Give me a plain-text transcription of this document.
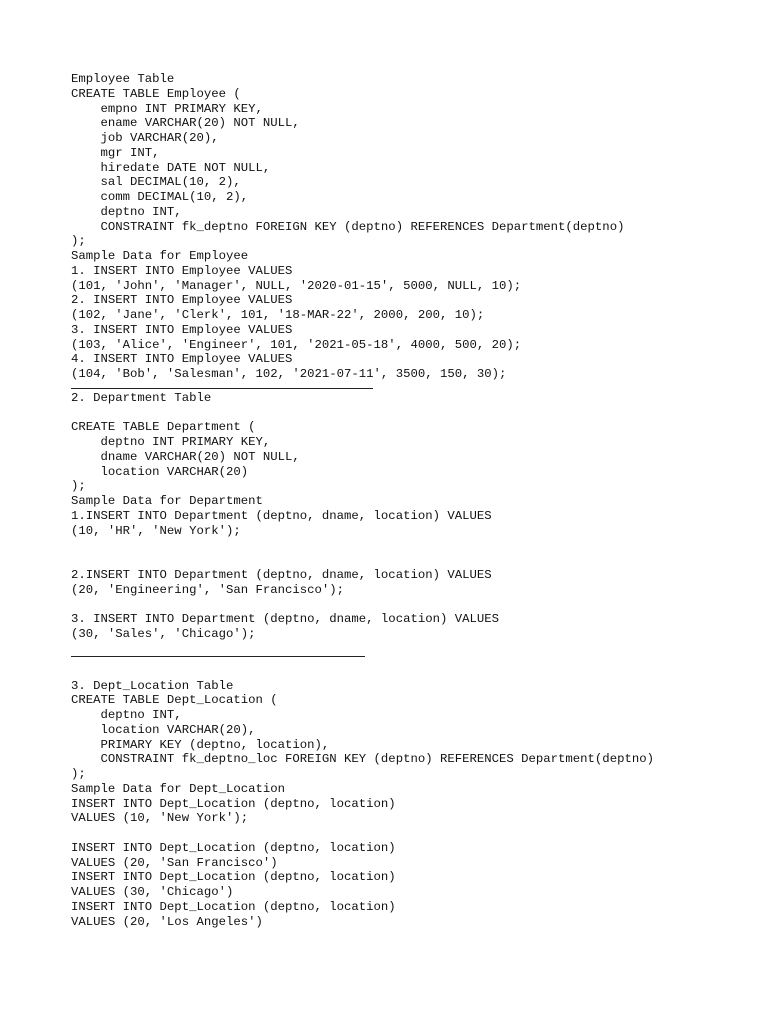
Employee Table
CREATE TABLE Employee (
empno INT PRIMARY KEY,
ename VARCHAR(20) NOT NULL,
job VARCHAR(20),
mgr INT,
hiredate DATE NOT NULL,
sal DECIMAL(10, 2),
comm DECIMAL(10, 2),
deptno INT,
CONSTRAINT fk_deptno FOREIGN KEY (deptno) REFERENCES Department(deptno)
);
Sample Data for Employee
1. INSERT INTO Employee VALUES
(101, 'John', 'Manager', NULL, '2020-01-15', 5000, NULL, 10);
2. INSERT INTO Employee VALUES
(102, 'Jane', 'Clerk', 101, '18-MAR-22', 2000, 200, 10);
3. INSERT INTO Employee VALUES
(103, 'Alice', 'Engineer', 101, '2021-05-18', 4000, 500, 20);
4. INSERT INTO Employee VALUES
(104, 'Bob', 'Salesman', 102, '2021-07-11', 3500, 150, 30);
2. Department Table
CREATE TABLE Department (
deptno INT PRIMARY KEY,
dname VARCHAR(20) NOT NULL,
location VARCHAR(20)
);
Sample Data for Department
1.INSERT INTO Department (deptno, dname, location) VALUES
(10, 'HR', 'New York');
2.INSERT INTO Department (deptno, dname, location) VALUES
(20, 'Engineering', 'San Francisco');
3. INSERT INTO Department (deptno, dname, location) VALUES
(30, 'Sales', 'Chicago');
3. Dept_Location Table
CREATE TABLE Dept_Location (
deptno INT,
location VARCHAR(20),
PRIMARY KEY (deptno, location),
CONSTRAINT fk_deptno_loc FOREIGN KEY (deptno) REFERENCES Department(deptno)
);
Sample Data for Dept_Location
INSERT INTO Dept_Location (deptno, location)
VALUES (10, 'New York');
INSERT INTO Dept_Location (deptno, location)
VALUES (20, 'San Francisco')
INSERT INTO Dept_Location (deptno, location)
VALUES (30, 'Chicago')
INSERT INTO Dept_Location (deptno, location)
VALUES (20, 'Los Angeles')
